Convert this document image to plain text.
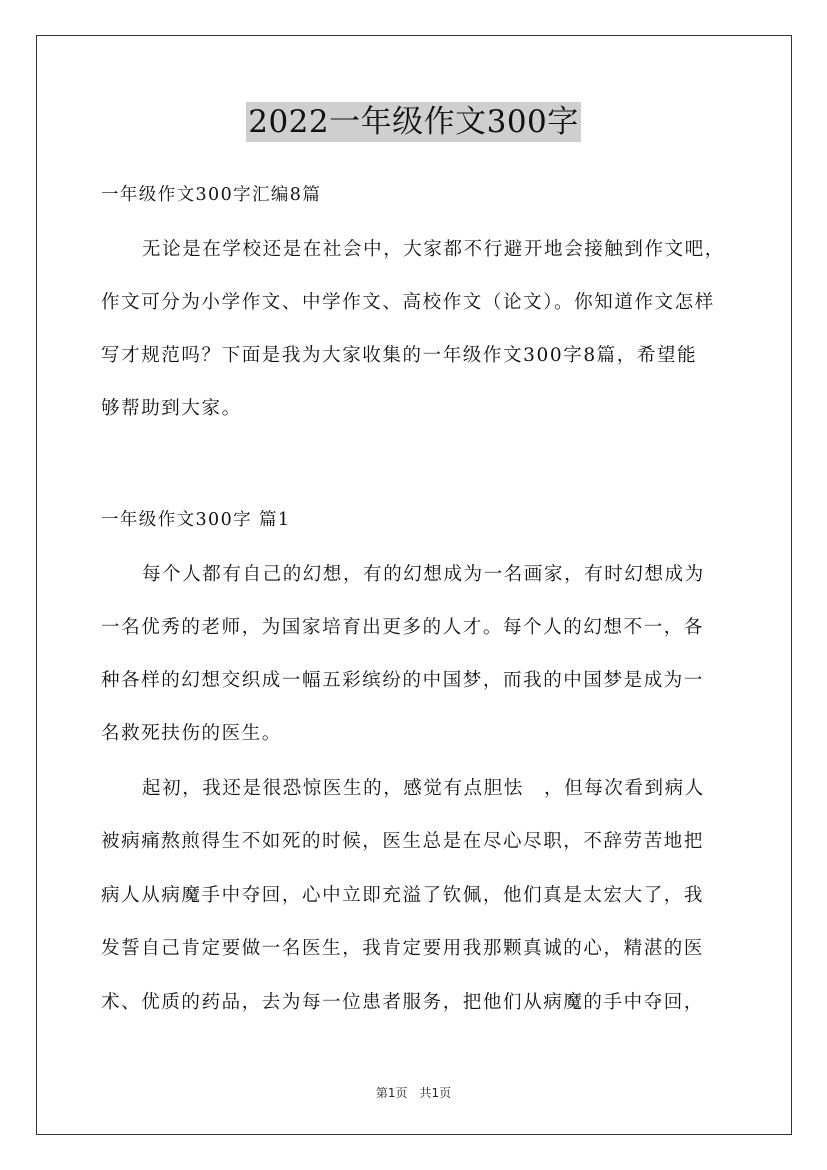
2022一年级作文300字
一年级作文300字汇编8篇
无论是在学校还是在社会中，大家都不行避开地会接触到作文吧，
作文可分为小学作文、中学作文、高校作文（论文）。你知道作文怎样
写才规范吗？下面是我为大家收集的一年级作文300字8篇，希望能
够帮助到大家。
一年级作文300字 篇1
每个人都有自己的幻想，有的幻想成为一名画家，有时幻想成为
一名优秀的老师，为国家培育出更多的人才。每个人的幻想不一，各
种各样的幻想交织成一幅五彩缤纷的中国梦，而我的中国梦是成为一
名救死扶伤的医生。
起初，我还是很恐惊医生的，感觉有点胆怯　，但每次看到病人
被病痛熬煎得生不如死的时候，医生总是在尽心尽职，不辞劳苦地把
病人从病魔手中夺回，心中立即充溢了钦佩，他们真是太宏大了，我
发誓自己肯定要做一名医生，我肯定要用我那颗真诚的心，精湛的医
术、优质的药品，去为每一位患者服务，把他们从病魔的手中夺回，
第1页　共1页
